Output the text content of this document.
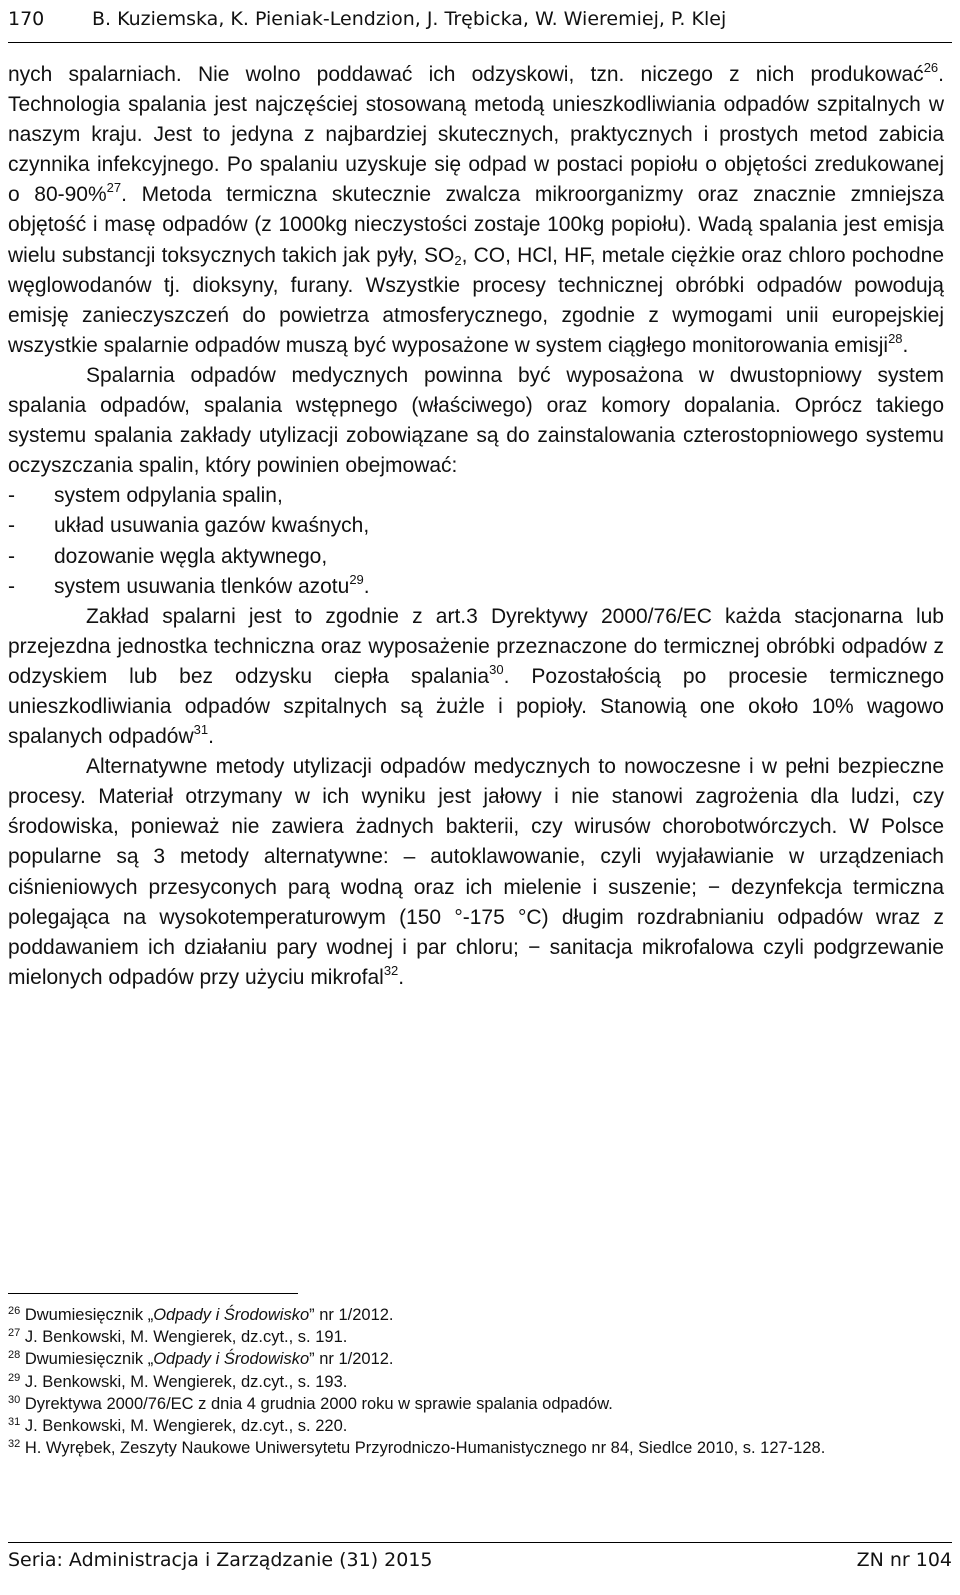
170	B. Kuziemska, K. Pieniak-Lendzion, J. Trębicka, W. Wieremiej, P. Klej

nych spalarniach. Nie wolno poddawać ich odzyskowi, tzn. niczego z nich produkować$^{26}$. Technologia spalania jest najczęściej stosowaną metodą unieszkodliwiania odpadów szpitalnych w naszym kraju. Jest to jedyna z najbardziej skutecznych, praktycznych i prostych metod zabicia czynnika infekcyjnego. Po spalaniu uzyskuje się odpad w postaci popiołu o objętości zredukowanej o 80-90%$^{27}$. Metoda termiczna skutecznie zwalcza mikroorganizmy oraz znacznie zmniejsza objętość i masę odpadów (z 1000kg nieczystości zostaje 100kg popiołu). Wadą spalania jest emisja wielu substancji toksycznych takich jak pyły, $SO_2$, CO, HCl, HF, metale ciężkie oraz chloro pochodne węglowodanów tj. dioksyny, furany. Wszystkie procesy technicznej obróbki odpadów powodują emisję zanieczyszczeń do powietrza atmosferycznego, zgodnie z wymogami unii europejskiej wszystkie spalarnie odpadów muszą być wyposażone w system ciągłego monitorowania emisji$^{28}$.

Spalarnia odpadów medycznych powinna być wyposażona w dwustopniowy system spalania odpadów, spalania wstępnego (właściwego) oraz komory dopalania. Oprócz takiego systemu spalania zakłady utylizacji zobowiązane są do zainstalowania czterostopniowego systemu oczyszczania spalin, który powinien obejmować:

- system odpylania spalin,
- układ usuwania gazów kwaśnych,
- dozowanie węgla aktywnego,
- system usuwania tlenków azotu$^{29}$.

Zakład spalarni jest to zgodnie z art.3 Dyrektywy 2000/76/EC każda stacjonarna lub przejezdna jednostka techniczna oraz wyposażenie przeznaczone do termicznej obróbki odpadów z odzyskiem lub bez odzysku ciepła spalania$^{30}$. Pozostałością po procesie termicznego unieszkodliwiania odpadów szpitalnych są żużle i popioły. Stanowią one około 10% wagowo spalanych odpadów$^{31}$.

Alternatywne metody utylizacji odpadów medycznych to nowoczesne i w pełni bezpieczne procesy. Materiał otrzymany w ich wyniku jest jałowy i nie stanowi zagrożenia dla ludzi, czy środowiska, ponieważ nie zawiera żadnych bakterii, czy wirusów chorobotwórczych. W Polsce popularne są 3 metody alternatywne: – autoklawowanie, czyli wyjaławianie w urządzeniach ciśnieniowych przesyconych parą wodną oraz ich mielenie i suszenie; − dezynfekcja termiczna polegająca na wysokotemperaturowym (150 °-175 °C) długim rozdrabnianiu odpadów wraz z poddawaniem ich działaniu pary wodnej i par chloru; − sanitacja mikrofalowa czyli podgrzewanie mielonych odpadów przy użyciu mikrofal$^{32}$.

$^{26}$ Dwumiesięcznik „Odpady i Środowisko” nr 1/2012.

$^{27}$ J. Benkowski, M. Wengierek, dz.cyt., s. 191.

$^{28}$ Dwumiesięcznik „Odpady i Środowisko” nr 1/2012.

$^{29}$ J. Benkowski, M. Wengierek, dz.cyt., s. 193.

$^{30}$ Dyrektywa 2000/76/EC z dnia 4 grudnia 2000 roku w sprawie spalania odpadów.

$^{31}$ J. Benkowski, M. Wengierek, dz.cyt., s. 220.

$^{32}$ H. Wyrębek, Zeszyty Naukowe Uniwersytetu Przyrodniczo-Humanistycznego nr 84, Siedlce 2010, s. 127-128.

Seria: Administracja i Zarządzanie (31) 2015	ZN nr 104
